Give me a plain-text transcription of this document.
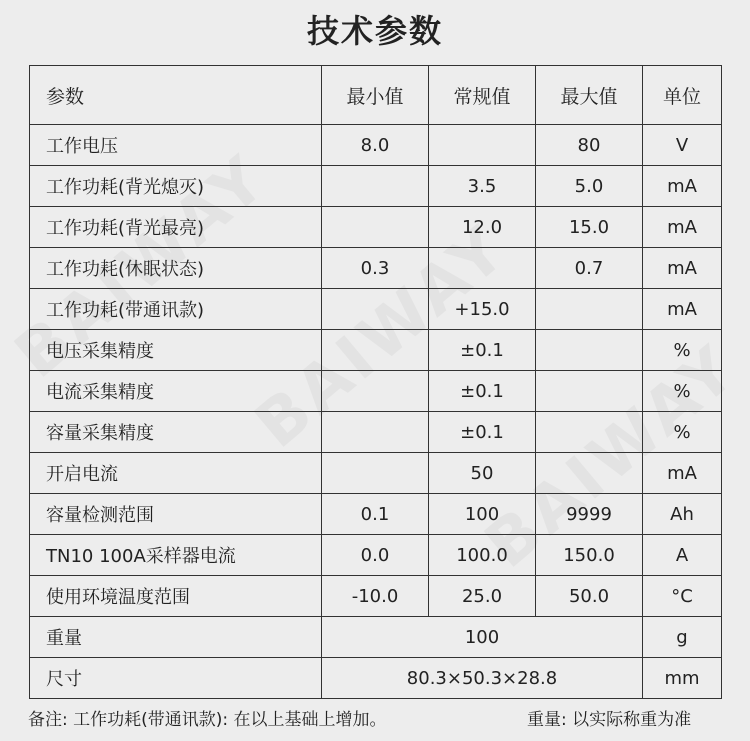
技术参数
参数	最小值	常规值	最大值	单位
工作电压	8.0		80	V
工作功耗(背光熄灭)		3.5	5.0	mA
工作功耗(背光最亮)		12.0	15.0	mA
工作功耗(休眠状态)	0.3		0.7	mA
工作功耗(带通讯款)		+15.0		mA
电压采集精度		±0.1		%
电流采集精度		±0.1		%
容量采集精度		±0.1		%
开启电流		50		mA
容量检测范围	0.1	100	9999	Ah
TN10 100A采样器电流	0.0	100.0	150.0	A
使用环境温度范围	-10.0	25.0	50.0	°C
重量	100			g
尺寸	80.3×50.3×28.8			mm
备注: 工作功耗(带通讯款): 在以上基础上增加。	重量: 以实际称重为准
